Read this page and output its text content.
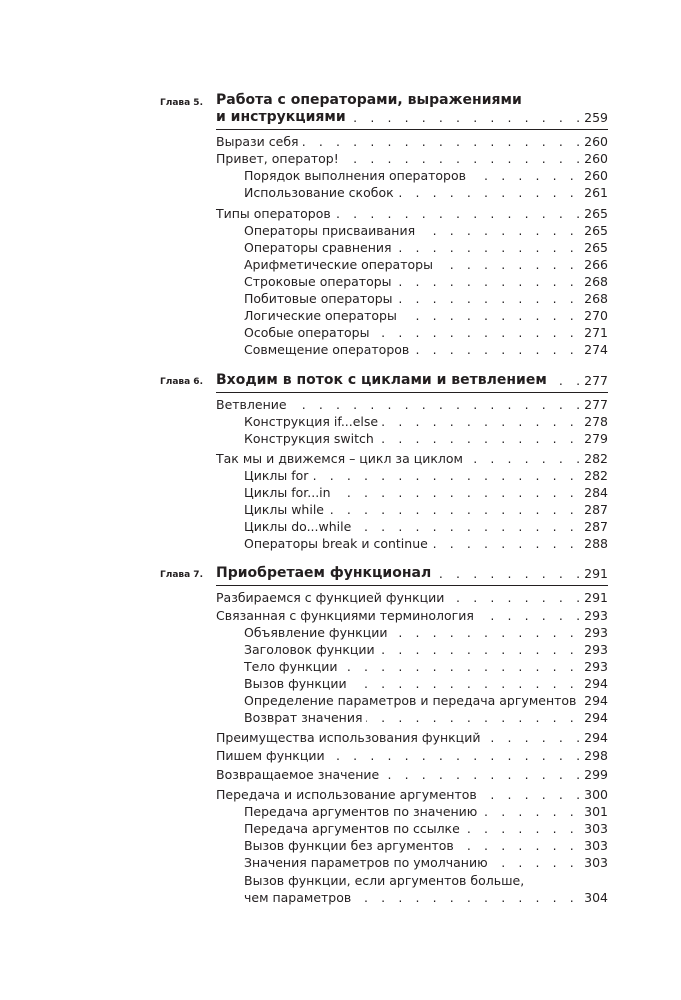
Глава 5. Работа с операторами, выражениями
и инструкциями . . .	259
Вырази себя . . .	260
Привет, оператор! . . .	260
Порядок выполнения операторов . . .	260
Использование скобок . . .	261
Типы операторов . . .	265
Операторы присваивания . . .	265
Операторы сравнения . . .	265
Арифметические операторы . . .	266
Строковые операторы . . .	268
Побитовые операторы . . .	268
Логические операторы . . .	270
Особые операторы . . .	271
Совмещение операторов . . .	274
Глава 6. Входим в поток с циклами и ветвлением . . .	277
Ветвление . . .	277
Конструкция if...else . . .	278
Конструкция switch . . .	279
Так мы и движемся – цикл за циклом . . .	282
Циклы for . . .	282
Циклы for...in . . .	284
Циклы while . . .	287
Циклы do...while . . .	287
Операторы break и continue . . .	288
Глава 7. Приобретаем функционал . . .	291
Разбираемся с функцией функции . . .	291
Связанная с функциями терминология . . .	293
Объявление функции . . .	293
Заголовок функции . . .	293
Тело функции . . .	293
Вызов функции . . .	294
Определение параметров и передача аргументов . . . 294
Возврат значения . . .	294
Преимущества использования функций . . .	294
Пишем функции . . .	298
Возвращаемое значение . . .	299
Передача и использование аргументов . . .	300
Передача аргументов по значению . . .	301
Передача аргументов по ссылке . . .	303
Вызов функции без аргументов . . .	303
Значения параметров по умолчанию . . .	303
Вызов функции, если аргументов больше,
чем параметров . . .	304
